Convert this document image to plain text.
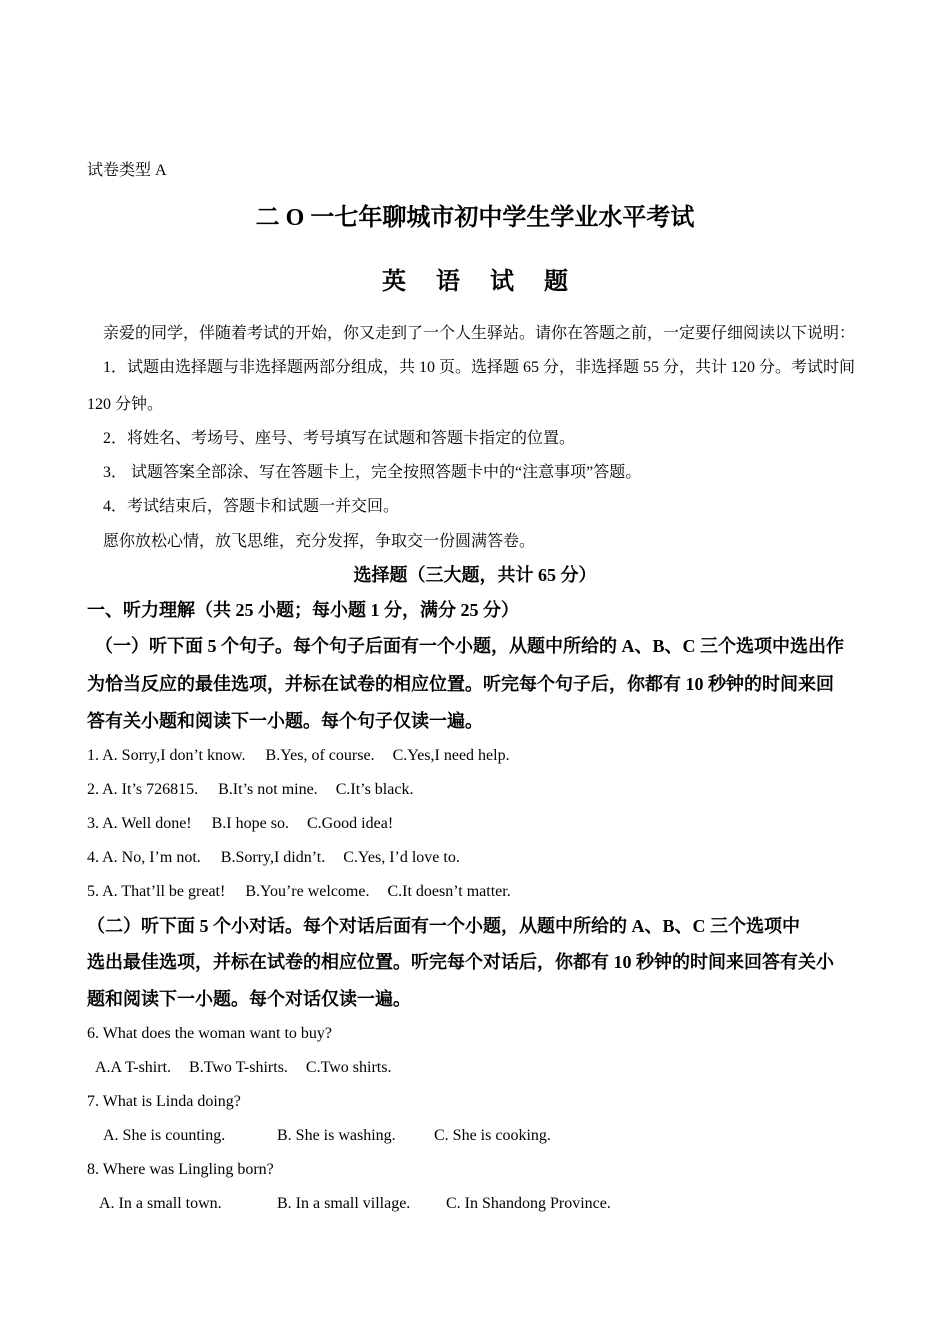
试卷类型 A
二 O 一七年聊城市初中学生学业水平考试
英 语 试 题
亲爱的同学，伴随着考试的开始，你又走到了一个人生驿站。请你在答题之前，一定要仔细阅读以下说明：
1．试题由选择题与非选择题两部分组成，共 10 页。选择题 65 分，非选择题 55 分，共计 120 分。考试时间
120 分钟。
2．将姓名、考场号、座号、考号填写在试题和答题卡指定的位置。
3． 试题答案全部涂、写在答题卡上，完全按照答题卡中的“注意事项”答题。
4．考试结束后，答题卡和试题一并交回。
愿你放松心情，放飞思维，充分发挥，争取交一份圆满答卷。
选择题（三大题，共计 65 分）
一、听力理解（共 25 小题；每小题 1 分，满分 25 分）
（一）听下面 5 个句子。每个句子后面有一个小题，从题中所给的 A、B、C 三个选项中选出作
为恰当反应的最佳选项，并标在试卷的相应位置。听完每个句子后，你都有 10 秒钟的时间来回
答有关小题和阅读下一小题。每个句子仅读一遍。
1. A. Sorry,I don’t know. B.Yes, of course. C.Yes,I need help.
2. A. It’s 726815. B.It’s not mine. C.It’s black.
3. A. Well done! B.I hope so. C.Good idea!
4. A. No, I’m not. B.Sorry,I didn’t. C.Yes, I’d love to.
5. A. That’ll be great! B.You’re welcome. C.It doesn’t matter.
（二）听下面 5 个小对话。每个对话后面有一个小题，从题中所给的 A、B、C 三个选项中
选出最佳选项，并标在试卷的相应位置。听完每个对话后，你都有 10 秒钟的时间来回答有关小
题和阅读下一小题。每个对话仅读一遍。
6. What does the woman want to buy?
A.A T-shirt. B.Two T-shirts. C.Two shirts.
7. What is Linda doing?
A. She is counting.	B. She is washing. C. She is cooking.
8. Where was Lingling born?
A. In a small town.	B. In a small village. C. In Shandong Province.
